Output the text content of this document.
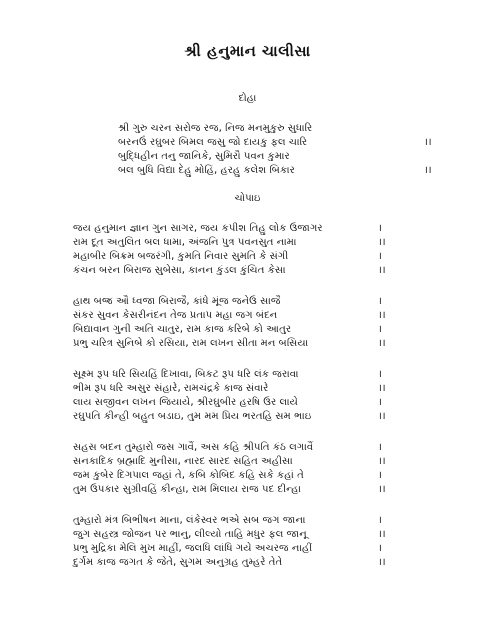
શ્રી હનુમાન ચાલીસા
દોહા
શ્રી ગુરુ ચરન સરોજ રજ, નિજ મનમુકુરુ સુધારિ
બરનઉં રઘુબર બિમલ જસુ જો દાયકુ ફલ ચારિ	।।
બુદ્ધિહીન તનુ જાનિકે, સુમિરૌ પવન કુમાર
બલ બુધિ વિદ્યા દેહુ મોહિં, હરહુ કલેશ બિકાર	।।
ચોપાઇ
જય હનુમાન જ્ઞાન ગુન સાગર, જય કપીશ તિહુ લોક ઉજાગર	।
રામ દૂત અતુલિત બલ ધામા, અંજનિ પુત્ર પવનસુત નામા	।।
મહાબીર બિક્રમ બજરંગી, કુમતિ નિવાર સુમતિ કે સંગી	।
કંચન બરન બિરાજ સુબેસા, કાનન કુંડલ કુંચિત કેસા	।।
હાથ બજ્ર ઔ ધ્વજા બિરાજૈ, કાંધે મૂંજ જનેઉ સાજૈ	।
સંકર સુવન કેસરીનંદન તેજ પ્રતાપ મહા જગ બંદન	।।
બિદ્યાવાન ગુની અતિ ચાતુર, રામ કાજ કરિબે કો આતુર	।
પ્રભુ ચરિત્ર સુનિબે કો રસિયા, રામ લખન સીતા મન બસિયા	।।
સૂક્ષ્મ રૂપ ધરિ સિયહિં દિખાવા, બિકટ રૂપ ધરિ લંક જરાવા	।
ભીમ રૂપ ધરિ અસુર સંહારે, રામચંદ્રકે કાજ સંવારે	।।
લાય સજીવન લખન જિયાયે, શ્રીરઘુબીર હરષિ ઉર લાયે	।
રઘુપતિ કીન્હી બહુત બડાઇ, તુમ મમ પ્રિય ભરતહિ સમ ભાઇ	।।
સહસ બદન તુમ્હારો જસ ગાવૈં, અસ કહિ શ્રીપતિ કંઠ લગાવૈં	।
સનકાદિક બ્રહ્માદિ મુનીસા, નારદ સારદ સહિત અહીસા	।।
જમ કુબેર દિગપાલ જહાં તે, કબિ કોબિદ કહિ સકે કહાં તે	।
તુમ ઉપકાર સુગ્રીવહિં કીન્હા, રામ મિલાય રાજ પદ દીન્હા	।।
તુમ્હારો મંત્ર બિભીષન માના, લંકેસ્વર ભએ સબ જગ જાના	।
જુગ સહસ્ત્ર જોજન પર ભાનુ, લીલ્યો તાહિ મધુર ફલ જાનૂ	।।
પ્રભુ મુદ્રિકા મેલિ મુખ માહીં, જલધિ લાંધિ ગયે અચરજ નાહીં	।
દુર્ગમ કાજ જગત કે જેતે, સુગમ અનુગ્રહ તુમ્હરે તેતે	।।
